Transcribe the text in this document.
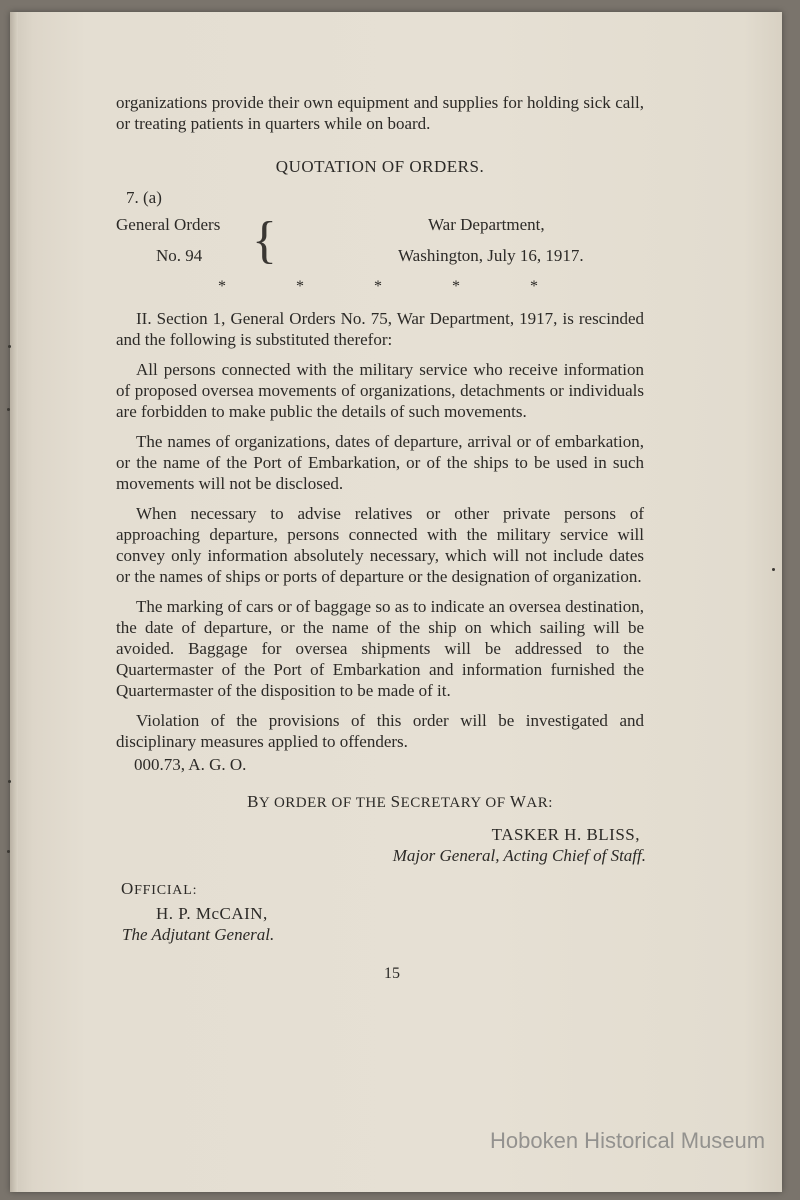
organizations provide their own equipment and supplies for holding sick call, or treating patients in quarters while on board.

QUOTATION OF ORDERS.
7. (a)
General Orders
No. 94 {	War Department,
Washington, July 16, 1917.
*	*	*	*	*

II. Section 1, General Orders No. 75, War Department, 1917, is rescinded and the following is substituted therefor:

All persons connected with the military service who receive information of proposed oversea movements of organizations, detachments or individuals are forbidden to make public the details of such movements.

The names of organizations, dates of departure, arrival or of embarkation, or the name of the Port of Embarkation, or of the ships to be used in such movements will not be disclosed.

When necessary to advise relatives or other private persons of approaching departure, persons connected with the military service will convey only information absolutely necessary, which will not include dates or the names of ships or ports of departure or the designation of organization.

The marking of cars or of baggage so as to indicate an oversea destination, the date of departure, or the name of the ship on which sailing will be avoided. Baggage for oversea shipments will be addressed to the Quartermaster of the Port of Embarkation and information furnished the Quartermaster of the disposition to be made of it.

Violation of the provisions of this order will be investigated and disciplinary measures applied to offenders.

000.73, A. G. O.
BY ORDER OF THE SECRETARY OF WAR:
TASKER H. BLISS,
Major General, Acting Chief of Staff.
OFFICIAL:
H. P. McCAIN,
The Adjutant General.
15
Hoboken Historical Museum
